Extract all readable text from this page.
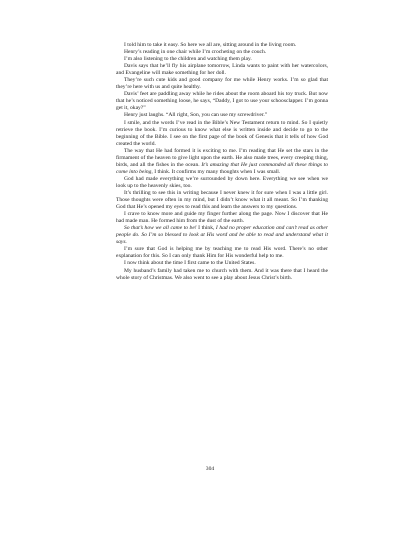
I told him to take it easy. So here we all are, sitting around in the living room.

Henry’s reading in one chair while I’m crocheting on the couch.

I’m also listening to the children and watching them play.

Davis says that he’ll fly his airplane tomorrow, Linda wants to paint with her watercolors, and Evangeline will make something for her doll.

They’re such cute kids and good company for me while Henry works. I’m so glad that they’re here with us and quite healthy.

Davis’ feet are paddling away while he rides about the room aboard his toy truck. But now that he’s noticed something loose, he says, “Daddy, I got to use your schoosclapper. I’m gonna get it, okay?”

Henry just laughs. “All right, Son, you can use my screwdriver.”

I smile, and the words I’ve read in the Bible’s New Testament return to mind. So I quietly retrieve the book. I’m curious to know what else is written inside and decide to go to the beginning of the Bible. I see on the first page of the book of Genesis that it tells of how God created the world.

The way that He had formed it is exciting to me. I’m reading that He set the stars in the firmament of the heaven to give light upon the earth. He also made trees, every creeping thing, birds, and all the fishes in the ocean. It’s amazing that He just commanded all these things to come into being, I think. It confirms my many thoughts when I was small.

God had made everything we’re surrounded by down here. Everything we see when we look up to the heavenly skies, too.

It’s thrilling to see this in writing because I never knew it for sure when I was a little girl. Those thoughts were often in my mind, but I didn’t know what it all meant. So I’m thanking God that He’s opened my eyes to read this and learn the answers to my questions.

I crave to know more and guide my finger further along the page. Now I discover that He had made man. He formed him from the dust of the earth.

So that’s how we all came to be! I think, I had no proper education and can’t read as other people do. So I’m so blessed to look at His word and be able to read and understand what it says.

I’m sure that God is helping me by teaching me to read His word. There’s no other explanation for this. So I can only thank Him for His wonderful help to me.

I now think about the time I first came to the United States.

My husband’s family had taken me to church with them. And it was there that I heard the whole story of Christmas. We also went to see a play about Jesus Christ’s birth.

304
